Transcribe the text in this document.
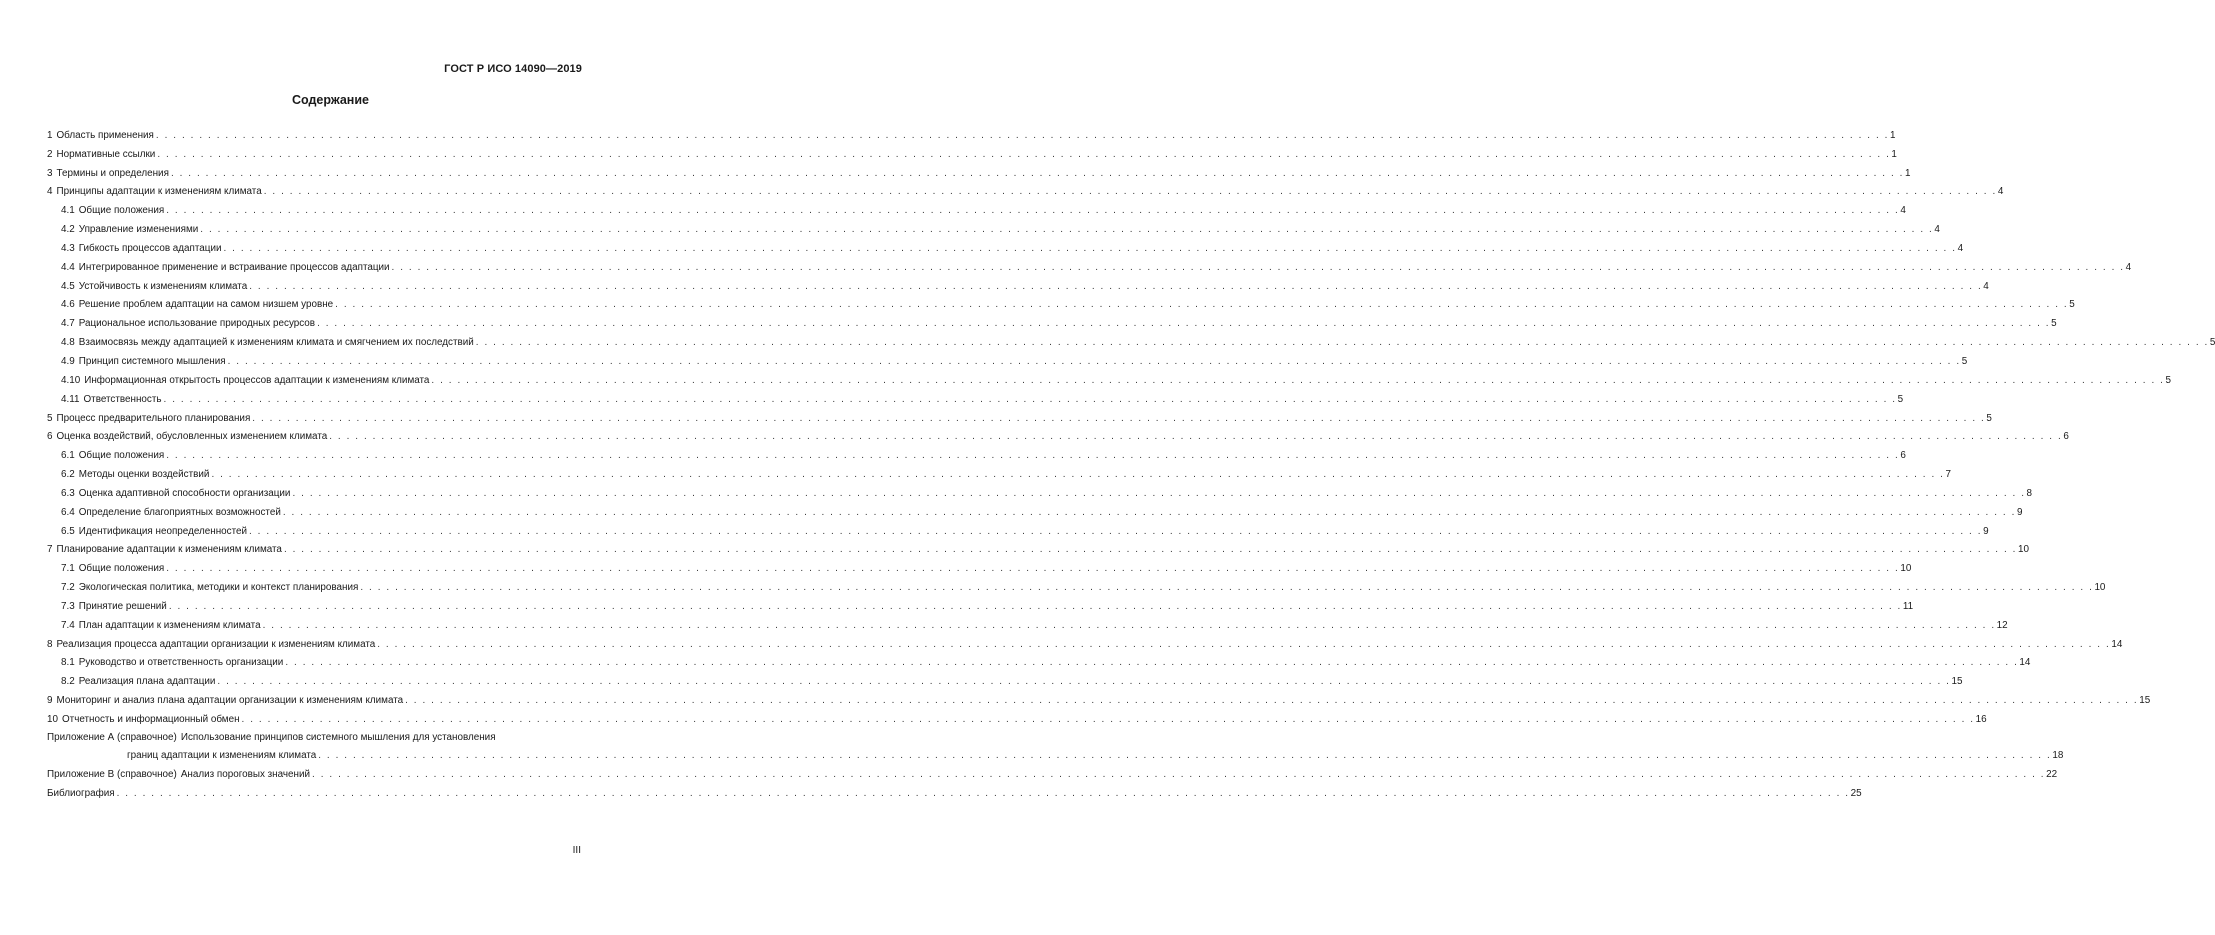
ГОСТ Р ИСО 14090—2019
Содержание
1 Область применения . . . . . . . . . . . . . . . . . . . . . . . . . . . . . . . . . . . . . . . . . . . . . . . . . . . . . . . . . . . . . . . . . . . . . . . . . . . . . . . . . . . . . . . . . . . . . . . . . . . . . . . . . . . . . . . . . . . . . . . . . . . . . . . . . . . . . . . . . . . . . . . . . . . . . . . . . . . . . . . . . . . . . . . . . . . . . . . . . . . . . . . . . . . . . . . . . . . . . . . . 1
2 Нормативные ссылки . . . . . . . . . . . . . . . . . . . . . . . . . . . . . . . . . . . . . . . . . . . . . . . . . . . . . . . . . . . . . . . . . . . . . . . . . . . . . . . . . . . . . . . . . . . . . . . . . . . . . . . . . . . . . . . . . . . . . . . . . . . . . . . . . . . . . . . . . . . . . . . . . . . . . . . . . . . . . . . . . . . . . . . . . . . . . . . . . . . . . . . . . . . . . . . . . . . . . . . . 1
3 Термины и определения . . . . . . . . . . . . . . . . . . . . . . . . . . . . . . . . . . . . . . . . . . . . . . . . . . . . . . . . . . . . . . . . . . . . . . . . . . . . . . . . . . . . . . . . . . . . . . . . . . . . . . . . . . . . . . . . . . . . . . . . . . . . . . . . . . . . . . . . . . . . . . . . . . . . . . . . . . . . . . . . . . . . . . . . . . . . . . . . . . . . . . . . . . . . . . . . . . . . . . . . 1
4 Принципы адаптации к изменениям климата . . . . . . . . . . . . . . . . . . . . . . . . . . . . . . . . . . . . . . . . . . . . . . . . . . . . . . . . . . . . . . . . . . . . . . . . . . . . . . . . . . . . . . . . . . . . . . . . . . . . . . . . . . . . . . . . . . . . . . . . . . . . . . . . . . . . . . . . . . . . . . . . . . . . . . . . . . . . . . . . . . . . . . . . . . . . . . . . . . . . . . . . . . . . . . . . . . . . . . . . 4
4.1 Общие положения . . . . . . . . . . . . . . . . . . . . . . . . . . . . . . . . . . . . . . . . . . . . . . . . . . . . . . . . . . . . . . . . . . . . . . . . . . . . . . . . . . . . . . . . . . . . . . . . . . . . . . . . . . . . . . . . . . . . . . . . . . . . . . . . . . . . . . . . . . . . . . . . . . . . . . . . . . . . . . . . . . . . . . . . . . . . . . . . . . . . . . . . . . . . . . . . . . . . . . . . 4
4.2 Управление изменениями . . . . . . . . . . . . . . . . . . . . . . . . . . . . . . . . . . . . . . . . . . . . . . . . . . . . . . . . . . . . . . . . . . . . . . . . . . . . . . . . . . . . . . . . . . . . . . . . . . . . . . . . . . . . . . . . . . . . . . . . . . . . . . . . . . . . . . . . . . . . . . . . . . . . . . . . . . . . . . . . . . . . . . . . . . . . . . . . . . . . . . . . . . . . . . . . . . . . . . . . 4
4.3 Гибкость процессов адаптации . . . . . . . . . . . . . . . . . . . . . . . . . . . . . . . . . . . . . . . . . . . . . . . . . . . . . . . . . . . . . . . . . . . . . . . . . . . . . . . . . . . . . . . . . . . . . . . . . . . . . . . . . . . . . . . . . . . . . . . . . . . . . . . . . . . . . . . . . . . . . . . . . . . . . . . . . . . . . . . . . . . . . . . . . . . . . . . . . . . . . . . . . . . . . . . . . . . . . . . . 4
4.4 Интегрированное применение и встраивание процессов адаптации . . . . . . . . . . . . . . . . . . . . . . . . . . . . . . . . . . . . . . . . . . . . . . . . . . . . . . . . . . . . . . . . . . . . . . . . . . . . . . . . . . . . . . . . . . . . . . . . . . . . . . . . . . . . . . . . . . . . . . . . . . . . . . . . . . . . . . . . . . . . . . . . . . . . . . . . . . . . . . . . . . . . . . . . . . . . . . . . . . . . . . . . . . . . . . . . . . . . . . . . 4
4.5 Устойчивость к изменениям климата . . . . . . . . . . . . . . . . . . . . . . . . . . . . . . . . . . . . . . . . . . . . . . . . . . . . . . . . . . . . . . . . . . . . . . . . . . . . . . . . . . . . . . . . . . . . . . . . . . . . . . . . . . . . . . . . . . . . . . . . . . . . . . . . . . . . . . . . . . . . . . . . . . . . . . . . . . . . . . . . . . . . . . . . . . . . . . . . . . . . . . . . . . . . . . . . . . . . . . . . 4
4.6 Решение проблем адаптации на самом низшем уровне . . . . . . . . . . . . . . . . . . . . . . . . . . . . . . . . . . . . . . . . . . . . . . . . . . . . . . . . . . . . . . . . . . . . . . . . . . . . . . . . . . . . . . . . . . . . . . . . . . . . . . . . . . . . . . . . . . . . . . . . . . . . . . . . . . . . . . . . . . . . . . . . . . . . . . . . . . . . . . . . . . . . . . . . . . . . . . . . . . . . . . . . . . . . . . . . . . . . . . . . 5
4.7 Рациональное использование природных ресурсов . . . . . . . . . . . . . . . . . . . . . . . . . . . . . . . . . . . . . . . . . . . . . . . . . . . . . . . . . . . . . . . . . . . . . . . . . . . . . . . . . . . . . . . . . . . . . . . . . . . . . . . . . . . . . . . . . . . . . . . . . . . . . . . . . . . . . . . . . . . . . . . . . . . . . . . . . . . . . . . . . . . . . . . . . . . . . . . . . . . . . . . . . . . . . . . . . . . . . . . . 5
4.8 Взаимосвязь между адаптацией к изменениям климата и смягчением их последствий . . . . . . . . . . . . . . . . . . . . . . . . . . . . . . . . . . . . . . . . . . . . . . . . . . . . . . . . . . . . . . . . . . . . . . . . . . . . . . . . . . . . . . . . . . . . . . . . . . . . . . . . . . . . . . . . . . . . . . . . . . . . . . . . . . . . . . . . . . . . . . . . . . . . . . . . . . . . . . . . . . . . . . . . . . . . . . . . . . . . . . . . . . . . . . . . . . . . . . . . 5
4.9 Принцип системного мышления . . . . . . . . . . . . . . . . . . . . . . . . . . . . . . . . . . . . . . . . . . . . . . . . . . . . . . . . . . . . . . . . . . . . . . . . . . . . . . . . . . . . . . . . . . . . . . . . . . . . . . . . . . . . . . . . . . . . . . . . . . . . . . . . . . . . . . . . . . . . . . . . . . . . . . . . . . . . . . . . . . . . . . . . . . . . . . . . . . . . . . . . . . . . . . . . . . . . . . . . 5
4.10 Информационная открытость процессов адаптации к изменениям климата . . . . . . . . . . . . . . . . . . . . . . . . . . . . . . . . . . . . . . . . . . . . . . . . . . . . . . . . . . . . . . . . . . . . . . . . . . . . . . . . . . . . . . . . . . . . . . . . . . . . . . . . . . . . . . . . . . . . . . . . . . . . . . . . . . . . . . . . . . . . . . . . . . . . . . . . . . . . . . . . . . . . . . . . . . . . . . . . . . . . . . . . . . . . . . . . . . . . . . . . 5
4.11 Ответственность . . . . . . . . . . . . . . . . . . . . . . . . . . . . . . . . . . . . . . . . . . . . . . . . . . . . . . . . . . . . . . . . . . . . . . . . . . . . . . . . . . . . . . . . . . . . . . . . . . . . . . . . . . . . . . . . . . . . . . . . . . . . . . . . . . . . . . . . . . . . . . . . . . . . . . . . . . . . . . . . . . . . . . . . . . . . . . . . . . . . . . . . . . . . . . . . . . . . . . . . 5
5 Процесс предварительного планирования . . . . . . . . . . . . . . . . . . . . . . . . . . . . . . . . . . . . . . . . . . . . . . . . . . . . . . . . . . . . . . . . . . . . . . . . . . . . . . . . . . . . . . . . . . . . . . . . . . . . . . . . . . . . . . . . . . . . . . . . . . . . . . . . . . . . . . . . . . . . . . . . . . . . . . . . . . . . . . . . . . . . . . . . . . . . . . . . . . . . . . . . . . . . . . . . . . . . . . . . 5
6 Оценка воздействий, обусловленных изменением климата . . . . . . . . . . . . . . . . . . . . . . . . . . . . . . . . . . . . . . . . . . . . . . . . . . . . . . . . . . . . . . . . . . . . . . . . . . . . . . . . . . . . . . . . . . . . . . . . . . . . . . . . . . . . . . . . . . . . . . . . . . . . . . . . . . . . . . . . . . . . . . . . . . . . . . . . . . . . . . . . . . . . . . . . . . . . . . . . . . . . . . . . . . . . . . . . . . . . . . . . 6
6.1 Общие положения . . . . . . . . . . . . . . . . . . . . . . . . . . . . . . . . . . . . . . . . . . . . . . . . . . . . . . . . . . . . . . . . . . . . . . . . . . . . . . . . . . . . . . . . . . . . . . . . . . . . . . . . . . . . . . . . . . . . . . . . . . . . . . . . . . . . . . . . . . . . . . . . . . . . . . . . . . . . . . . . . . . . . . . . . . . . . . . . . . . . . . . . . . . . . . . . . . . . . . . . 6
6.2 Методы оценки воздействий . . . . . . . . . . . . . . . . . . . . . . . . . . . . . . . . . . . . . . . . . . . . . . . . . . . . . . . . . . . . . . . . . . . . . . . . . . . . . . . . . . . . . . . . . . . . . . . . . . . . . . . . . . . . . . . . . . . . . . . . . . . . . . . . . . . . . . . . . . . . . . . . . . . . . . . . . . . . . . . . . . . . . . . . . . . . . . . . . . . . . . . . . . . . . . . . . . . . . . . . 7
6.3 Оценка адаптивной способности организации . . . . . . . . . . . . . . . . . . . . . . . . . . . . . . . . . . . . . . . . . . . . . . . . . . . . . . . . . . . . . . . . . . . . . . . . . . . . . . . . . . . . . . . . . . . . . . . . . . . . . . . . . . . . . . . . . . . . . . . . . . . . . . . . . . . . . . . . . . . . . . . . . . . . . . . . . . . . . . . . . . . . . . . . . . . . . . . . . . . . . . . . . . . . . . . . . . . . . . . . 8
6.4 Определение благоприятных возможностей . . . . . . . . . . . . . . . . . . . . . . . . . . . . . . . . . . . . . . . . . . . . . . . . . . . . . . . . . . . . . . . . . . . . . . . . . . . . . . . . . . . . . . . . . . . . . . . . . . . . . . . . . . . . . . . . . . . . . . . . . . . . . . . . . . . . . . . . . . . . . . . . . . . . . . . . . . . . . . . . . . . . . . . . . . . . . . . . . . . . . . . . . . . . . . . . . . . . . . . . 9
6.5 Идентификация неопределенностей . . . . . . . . . . . . . . . . . . . . . . . . . . . . . . . . . . . . . . . . . . . . . . . . . . . . . . . . . . . . . . . . . . . . . . . . . . . . . . . . . . . . . . . . . . . . . . . . . . . . . . . . . . . . . . . . . . . . . . . . . . . . . . . . . . . . . . . . . . . . . . . . . . . . . . . . . . . . . . . . . . . . . . . . . . . . . . . . . . . . . . . . . . . . . . . . . . . . . . . . 9
7 Планирование адаптации к изменениям климата . . . . . . . . . . . . . . . . . . . . . . . . . . . . . . . . . . . . . . . . . . . . . . . . . . . . . . . . . . . . . . . . . . . . . . . . . . . . . . . . . . . . . . . . . . . . . . . . . . . . . . . . . . . . . . . . . . . . . . . . . . . . . . . . . . . . . . . . . . . . . . . . . . . . . . . . . . . . . . . . . . . . . . . . . . . . . . . . . . . . . . . . . . . . . . . . . . . . . . . . 10
7.1 Общие положения . . . . . . . . . . . . . . . . . . . . . . . . . . . . . . . . . . . . . . . . . . . . . . . . . . . . . . . . . . . . . . . . . . . . . . . . . . . . . . . . . . . . . . . . . . . . . . . . . . . . . . . . . . . . . . . . . . . . . . . . . . . . . . . . . . . . . . . . . . . . . . . . . . . . . . . . . . . . . . . . . . . . . . . . . . . . . . . . . . . . . . . . . . . . . . . . . . . . . . . . 10
7.2 Экологическая политика, методики и контекст планирования . . . . . . . . . . . . . . . . . . . . . . . . . . . . . . . . . . . . . . . . . . . . . . . . . . . . . . . . . . . . . . . . . . . . . . . . . . . . . . . . . . . . . . . . . . . . . . . . . . . . . . . . . . . . . . . . . . . . . . . . . . . . . . . . . . . . . . . . . . . . . . . . . . . . . . . . . . . . . . . . . . . . . . . . . . . . . . . . . . . . . . . . . . . . . . . . . . . . . . . . 10
7.3 Принятие решений . . . . . . . . . . . . . . . . . . . . . . . . . . . . . . . . . . . . . . . . . . . . . . . . . . . . . . . . . . . . . . . . . . . . . . . . . . . . . . . . . . . . . . . . . . . . . . . . . . . . . . . . . . . . . . . . . . . . . . . . . . . . . . . . . . . . . . . . . . . . . . . . . . . . . . . . . . . . . . . . . . . . . . . . . . . . . . . . . . . . . . . . . . . . . . . . . . . . . . . . 11
7.4 План адаптации к изменениям климата . . . . . . . . . . . . . . . . . . . . . . . . . . . . . . . . . . . . . . . . . . . . . . . . . . . . . . . . . . . . . . . . . . . . . . . . . . . . . . . . . . . . . . . . . . . . . . . . . . . . . . . . . . . . . . . . . . . . . . . . . . . . . . . . . . . . . . . . . . . . . . . . . . . . . . . . . . . . . . . . . . . . . . . . . . . . . . . . . . . . . . . . . . . . . . . . . . . . . . . . 12
8 Реализация процесса адаптации организации к изменениям климата . . . . . . . . . . . . . . . . . . . . . . . . . . . . . . . . . . . . . . . . . . . . . . . . . . . . . . . . . . . . . . . . . . . . . . . . . . . . . . . . . . . . . . . . . . . . . . . . . . . . . . . . . . . . . . . . . . . . . . . . . . . . . . . . . . . . . . . . . . . . . . . . . . . . . . . . . . . . . . . . . . . . . . . . . . . . . . . . . . . . . . . . . . . . . . . . . . . . . . . . 14
8.1 Руководство и ответственность организации . . . . . . . . . . . . . . . . . . . . . . . . . . . . . . . . . . . . . . . . . . . . . . . . . . . . . . . . . . . . . . . . . . . . . . . . . . . . . . . . . . . . . . . . . . . . . . . . . . . . . . . . . . . . . . . . . . . . . . . . . . . . . . . . . . . . . . . . . . . . . . . . . . . . . . . . . . . . . . . . . . . . . . . . . . . . . . . . . . . . . . . . . . . . . . . . . . . . . . . . 14
8.2 Реализация плана адаптации . . . . . . . . . . . . . . . . . . . . . . . . . . . . . . . . . . . . . . . . . . . . . . . . . . . . . . . . . . . . . . . . . . . . . . . . . . . . . . . . . . . . . . . . . . . . . . . . . . . . . . . . . . . . . . . . . . . . . . . . . . . . . . . . . . . . . . . . . . . . . . . . . . . . . . . . . . . . . . . . . . . . . . . . . . . . . . . . . . . . . . . . . . . . . . . . . . . . . . . . 15
9 Мониторинг и анализ плана адаптации организации к изменениям климата . . . . . . . . . . . . . . . . . . . . . . . . . . . . . . . . . . . . . . . . . . . . . . . . . . . . . . . . . . . . . . . . . . . . . . . . . . . . . . . . . . . . . . . . . . . . . . . . . . . . . . . . . . . . . . . . . . . . . . . . . . . . . . . . . . . . . . . . . . . . . . . . . . . . . . . . . . . . . . . . . . . . . . . . . . . . . . . . . . . . . . . . . . . . . . . . . . . . . . . . 15
10 Отчетность и информационный обмен . . . . . . . . . . . . . . . . . . . . . . . . . . . . . . . . . . . . . . . . . . . . . . . . . . . . . . . . . . . . . . . . . . . . . . . . . . . . . . . . . . . . . . . . . . . . . . . . . . . . . . . . . . . . . . . . . . . . . . . . . . . . . . . . . . . . . . . . . . . . . . . . . . . . . . . . . . . . . . . . . . . . . . . . . . . . . . . . . . . . . . . . . . . . . . . . . . . . . . . . 16
Приложение А (справочное) Использование принципов системного мышления для установления
границ адаптации к изменениям климата . . . . . . . . . . . . . . . . . . . . . . . . . . . . . . . . . . . . . . . . . . . . . . . . . . . . . . . . . . . . . . . . . . . . . . . . . . . . . . . . . . . . . . . . . . . . . . . . . . . . . . . . . . . . . . . . . . . . . . . . . . . . . . . . . . . . . . . . . . . . . . . . . . . . . . . . . . . . . . . . . . . . . . . . . . . . . . . . . . . . . . . . . . . . . . . . . . . . . . . . 18
Приложение В (справочное) Анализ пороговых значений . . . . . . . . . . . . . . . . . . . . . . . . . . . . . . . . . . . . . . . . . . . . . . . . . . . . . . . . . . . . . . . . . . . . . . . . . . . . . . . . . . . . . . . . . . . . . . . . . . . . . . . . . . . . . . . . . . . . . . . . . . . . . . . . . . . . . . . . . . . . . . . . . . . . . . . . . . . . . . . . . . . . . . . . . . . . . . . . . . . . . . . . . . . . . . . . . . . . . . . . 22
Библиография . . . . . . . . . . . . . . . . . . . . . . . . . . . . . . . . . . . . . . . . . . . . . . . . . . . . . . . . . . . . . . . . . . . . . . . . . . . . . . . . . . . . . . . . . . . . . . . . . . . . . . . . . . . . . . . . . . . . . . . . . . . . . . . . . . . . . . . . . . . . . . . . . . . . . . . . . . . . . . . . . . . . . . . . . . . . . . . . . . . . . . . . . . . . . . . . . . . . . . . . 25
III
